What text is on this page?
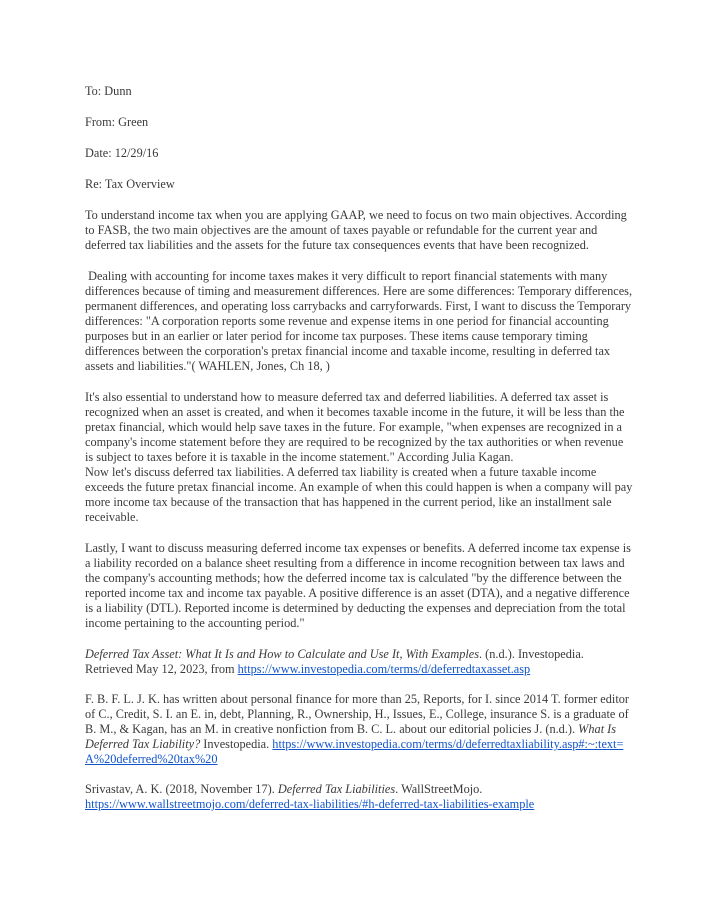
To: Dunn

From: Green

Date: 12/29/16

Re: Tax Overview

To understand income tax when you are applying GAAP, we need to focus on two main objectives. According to FASB, the two main objectives are the amount of taxes payable or refundable for the current year and deferred tax liabilities and the assets for the future tax consequences events that have been recognized.

Dealing with accounting for income taxes makes it very difficult to report financial statements with many differences because of timing and measurement differences. Here are some differences: Temporary differences, permanent differences, and operating loss carrybacks and carryforwards. First, I want to discuss the Temporary differences: "A corporation reports some revenue and expense items in one period for financial accounting purposes but in an earlier or later period for income tax purposes. These items cause temporary timing differences between the corporation's pretax financial income and taxable income, resulting in deferred tax assets and liabilities."( WAHLEN, Jones, Ch 18, )

It's also essential to understand how to measure deferred tax and deferred liabilities. A deferred tax asset is recognized when an asset is created, and when it becomes taxable income in the future, it will be less than the pretax financial, which would help save taxes in the future. For example, "when expenses are recognized in a company's income statement before they are required to be recognized by the tax authorities or when revenue is subject to taxes before it is taxable in the income statement." According Julia Kagan.

Now let's discuss deferred tax liabilities. A deferred tax liability is created when a future taxable income exceeds the future pretax financial income. An example of when this could happen is when a company will pay more income tax because of the transaction that has happened in the current period, like an installment sale receivable.

Lastly, I want to discuss measuring deferred income tax expenses or benefits. A deferred income tax expense is a liability recorded on a balance sheet resulting from a difference in income recognition between tax laws and the company's accounting methods; how the deferred income tax is calculated "by the difference between the reported income tax and income tax payable. A positive difference is an asset (DTA), and a negative difference is a liability (DTL). Reported income is determined by deducting the expenses and depreciation from the total income pertaining to the accounting period."

Deferred Tax Asset: What It Is and How to Calculate and Use It, With Examples. (n.d.). Investopedia. Retrieved May 12, 2023, from https://www.investopedia.com/terms/d/deferredtaxasset.asp

F. B. F. L. J. K. has written about personal finance for more than 25, Reports, for I. since 2014 T. former editor of C., Credit, S. I. an E. in, debt, Planning, R., Ownership, H., Issues, E., College, insurance S. is a graduate of B. M., & Kagan, has an M. in creative nonfiction from B. C. L. about our editorial policies J. (n.d.). What Is Deferred Tax Liability? Investopedia. https://www.investopedia.com/terms/d/deferredtaxliability.asp#:~:text=A%20deferred%20tax%20

Srivastav, A. K. (2018, November 17). Deferred Tax Liabilities. WallStreetMojo. https://www.wallstreetmojo.com/deferred-tax-liabilities/#h-deferred-tax-liabilities-example
